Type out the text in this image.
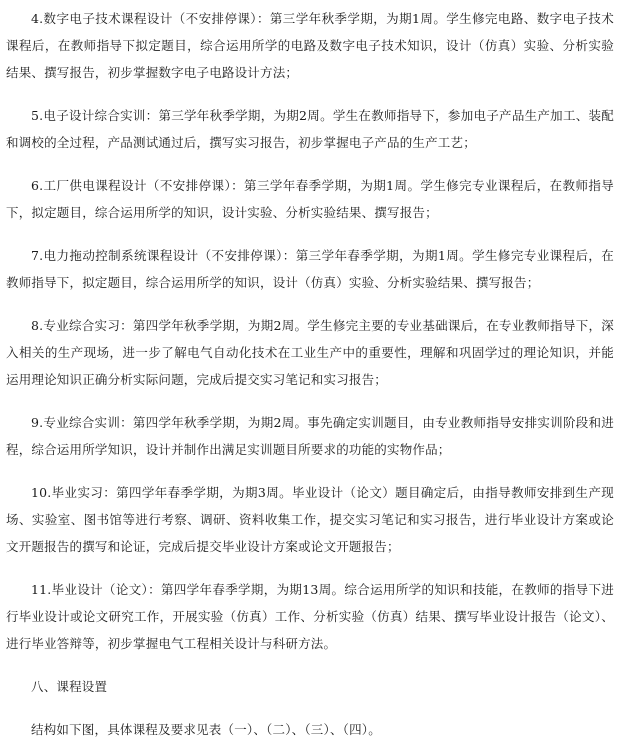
4.数字电子技术课程设计（不安排停课）：第三学年秋季学期，为期1周。学生修完电路、数字电子技术课程后，在教师指导下拟定题目，综合运用所学的电路及数字电子技术知识，设计（仿真）实验、分析实验结果、撰写报告，初步掌握数字电子电路设计方法；

5.电子设计综合实训：第三学年秋季学期，为期2周。学生在教师指导下，参加电子产品生产加工、装配和调校的全过程，产品测试通过后，撰写实习报告，初步掌握电子产品的生产工艺；

6.工厂供电课程设计（不安排停课）：第三学年春季学期，为期1周。学生修完专业课程后，在教师指导下，拟定题目，综合运用所学的知识，设计实验、分析实验结果、撰写报告；

7.电力拖动控制系统课程设计（不安排停课）：第三学年春季学期，为期1周。学生修完专业课程后，在教师指导下，拟定题目，综合运用所学的知识，设计（仿真）实验、分析实验结果、撰写报告；

8.专业综合实习：第四学年秋季学期，为期2周。学生修完主要的专业基础课后，在专业教师指导下，深入相关的生产现场，进一步了解电气自动化技术在工业生产中的重要性，理解和巩固学过的理论知识，并能运用理论知识正确分析实际问题，完成后提交实习笔记和实习报告；

9.专业综合实训：第四学年秋季学期，为期2周。事先确定实训题目，由专业教师指导安排实训阶段和进程，综合运用所学知识，设计并制作出满足实训题目所要求的功能的实物作品；

10.毕业实习：第四学年春季学期，为期3周。毕业设计（论文）题目确定后，由指导教师安排到生产现场、实验室、图书馆等进行考察、调研、资料收集工作，提交实习笔记和实习报告，进行毕业设计方案或论文开题报告的撰写和论证，完成后提交毕业设计方案或论文开题报告；

11.毕业设计（论文）：第四学年春季学期，为期13周。综合运用所学的知识和技能，在教师的指导下进行毕业设计或论文研究工作，开展实验（仿真）工作、分析实验（仿真）结果、撰写毕业设计报告（论文）、进行毕业答辩等，初步掌握电气工程相关设计与科研方法。

八、课程设置

结构如下图，具体课程及要求见表（一）、（二）、（三）、（四）。
